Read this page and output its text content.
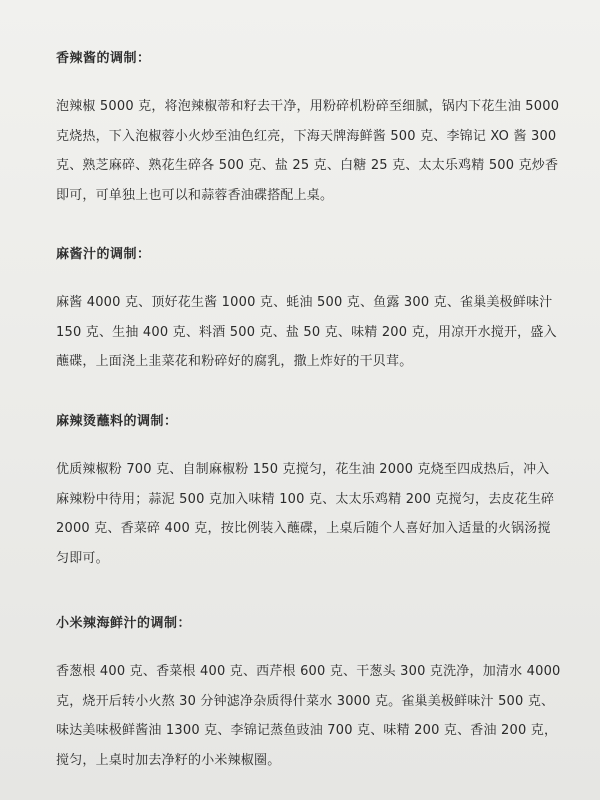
香辣酱的调制：

泡辣椒 5000 克，将泡辣椒蒂和籽去干净，用粉碎机粉碎至细腻，锅内下花生油 5000
克烧热，下入泡椒蓉小火炒至油色红亮，下海天牌海鲜酱 500 克、李锦记 XO 酱 300
克、熟芝麻碎、熟花生碎各 500 克、盐 25 克、白糖 25 克、太太乐鸡精 500 克炒香
即可，可单独上也可以和蒜蓉香油碟搭配上桌。

麻酱汁的调制：

麻酱 4000 克、顶好花生酱 1000 克、蚝油 500 克、鱼露 300 克、雀巢美极鲜味汁
150 克、生抽 400 克、料酒 500 克、盐 50 克、味精 200 克，用凉开水搅开，盛入
蘸碟，上面浇上韭菜花和粉碎好的腐乳，撒上炸好的干贝茸。

麻辣烫蘸料的调制：

优质辣椒粉 700 克、自制麻椒粉 150 克搅匀，花生油 2000 克烧至四成热后，冲入
麻辣粉中待用；蒜泥 500 克加入味精 100 克、太太乐鸡精 200 克搅匀，去皮花生碎
2000 克、香菜碎 400 克，按比例装入蘸碟，上桌后随个人喜好加入适量的火锅汤搅
匀即可。

小米辣海鲜汁的调制：

香葱根 400 克、香菜根 400 克、西芹根 600 克、干葱头 300 克洗净，加清水 4000
克，烧开后转小火熬 30 分钟滤净杂质得什菜水 3000 克。雀巢美极鲜味汁 500 克、
味达美味极鲜酱油 1300 克、李锦记蒸鱼豉油 700 克、味精 200 克、香油 200 克，
搅匀，上桌时加去净籽的小米辣椒圈。
